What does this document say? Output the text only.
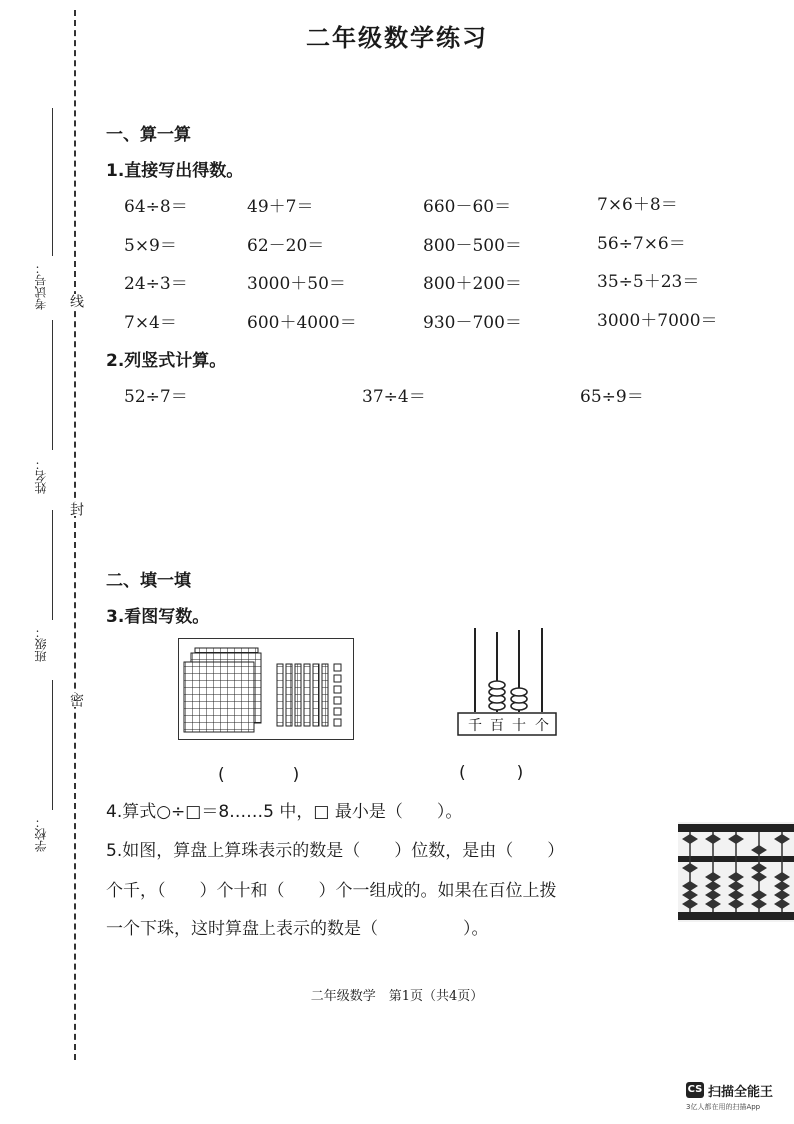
考试号：
姓名：
班级：
学校：
线
封
密
二年级数学练习
一、算一算
1.直接写出得数。
64÷8＝	49＋7＝	660－60＝	7×6＋8＝
5×9＝	62－20＝	800－500＝	56÷7×6＝
24÷3＝	3000＋50＝	800＋200＝	35÷5＋23＝
7×4＝	600＋4000＝	930－700＝	3000＋7000＝
2.列竖式计算。
52÷7＝	37÷4＝	65÷9＝
二、填一填
3.看图写数。
千 百 十 个
(　　　　)	(　　　)
4.算式○÷□＝8……5 中，□ 最小是（　　）。
5.如图，算盘上算珠表示的数是（　　）位数，是由（　　）
个千，（　　）个十和（　　）个一组成的。如果在百位上拨
一个下珠，这时算盘上表示的数是（　　　　　）。
二年级数学　第1页（共4页）
CS 扫描全能王
3亿人都在用的扫描App
